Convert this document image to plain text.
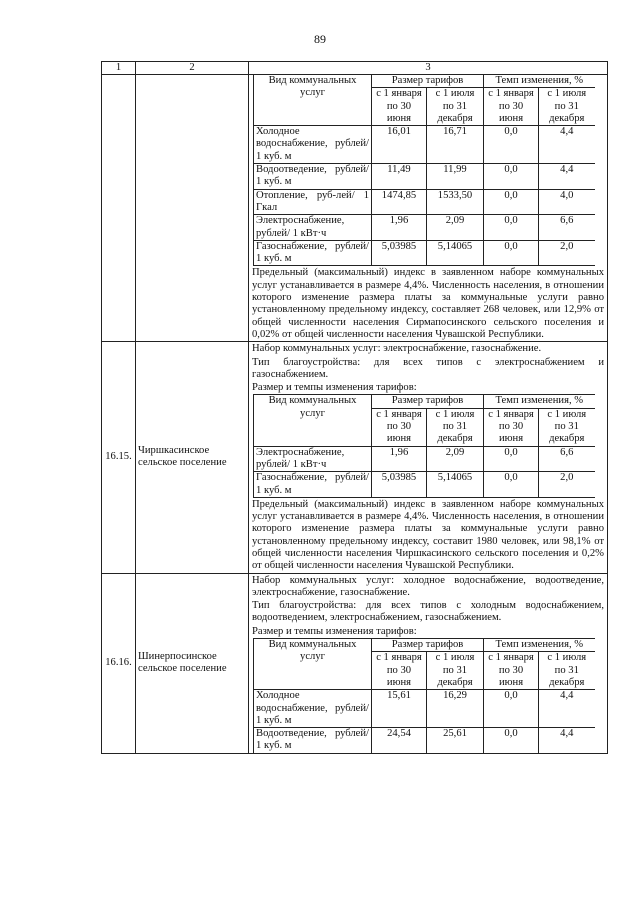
89
1	2	3

Вид коммунальных услуг	Размер тарифов	Темп изменения, %
с 1 января по 30 июня	с 1 июля по 31 декабря	с 1 января по 30 июня	с 1 июля по 31 декабря
Холодное водоснабжение, рублей/ 1 куб. м	16,01	16,71	0,0	4,4
Водоотведение, рублей/ 1 куб. м	11,49	11,99	0,0	4,4
Отопление, руб-лей/ 1 Гкал	1474,85	1533,50	0,0	4,0
Электроснабжение, рублей/ 1 кВт·ч	1,96	2,09	0,0	6,6
Газоснабжение, рублей/ 1 куб. м	5,03985	5,14065	0,0	2,0
Предельный (максимальный) индекс в заявленном наборе коммунальных услуг устанавливается в размере 4,4%. Численность населения, в отношении которого изменение размера платы за коммунальные услуги равно установленному предельному индексу, составляет 268 человек, или 12,9% от общей численности населения Сирмапосинского сельского поселения и 0,02% от общей численности населения Чувашской Республики.

16.15.	Чиршкасинское сельское поселение	
Набор коммунальных услуг: электроснабжение, газоснабжение.
Тип благоустройства: для всех типов с электроснабжением и газоснабжением.
Размер и темпы изменения тарифов:
Вид коммунальных услуг	Размер тарифов	Темп изменения, %
с 1 января по 30 июня	с 1 июля по 31 декабря	с 1 января по 30 июня	с 1 июля по 31 декабря
Электроснабжение, рублей/ 1 кВт·ч	1,96	2,09	0,0	6,6
Газоснабжение, рублей/ 1 куб. м	5,03985	5,14065	0,0	2,0
Предельный (максимальный) индекс в заявленном наборе коммунальных услуг устанавливается в размере 4,4%. Численность населения, в отношении которого изменение размера платы за коммунальные услуги равно установленному предельному индексу, составит 1980 человек, или 98,1% от общей численности населения Чиршкасинского сельского поселения и 0,2% от общей численности населения Чувашской Республики.

16.16.	Шинерпосинское сельское поселение	
Набор коммунальных услуг: холодное водоснабжение, водоотведение, электроснабжение, газоснабжение.
Тип благоустройства: для всех типов с холодным водоснабжением, водоотведением, электроснабжением, газоснабжением.
Размер и темпы изменения тарифов:
Вид коммунальных услуг	Размер тарифов	Темп изменения, %
с 1 января по 30 июня	с 1 июля по 31 декабря	с 1 января по 30 июня	с 1 июля по 31 декабря
Холодное водоснабжение, рублей/ 1 куб. м	15,61	16,29	0,0	4,4
Водоотведение, рублей/ 1 куб. м	24,54	25,61	0,0	4,4
